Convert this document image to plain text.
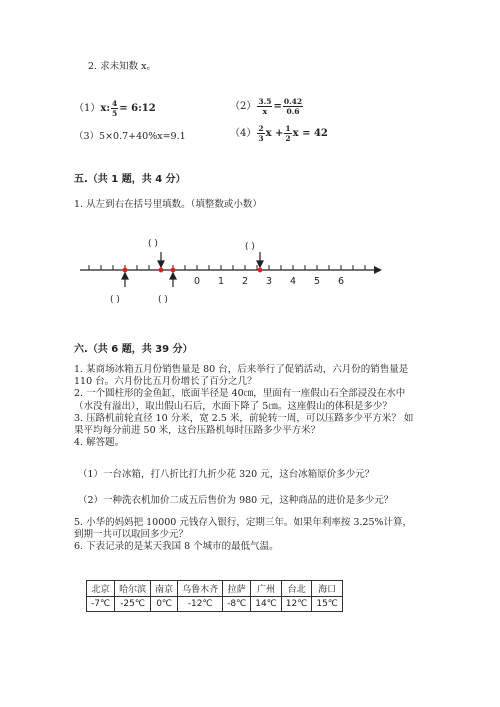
2. 求未知数 x。
（1）x: $\frac{4}{5}$ = 6:12	$(2) \frac{3.5}{x} = \frac{0.42}{0.6}$
（3）5×0.7+40%x=9.1	$(4) \frac{2}{3}$ $x + \frac{1}{2}$ x = 42
五.（共 1 题，共 4 分）
1. 从左到右在括号里填数。（填整数或小数）
( )	( )
0 1 2 3 4 5 6
( )	( )
六.（共 6 题，共 39 分）
1. 某商场冰箱五月份销售量是 80 台，后来举行了促销活动，六月份的销售量是
110 台。六月份比五月份增长了百分之几？
2. 一个圆柱形的金鱼缸，底面半径是 40㎝，里面有一座假山石全部浸没在水中
（水没有溢出），取出假山石后，水面下降了 5㎝。这座假山的体积是多少？
3. 压路机前轮直径 10 分米，宽 2.5 米，前轮转一周，可以压路多少平方米？ 如
果平均每分前进 50 米，这台压路机每时压路多少平方米？
4. 解答题。
（1）一台冰箱，打八折比打九折少花 320 元，这台冰箱原价多少元？
（2）一种洗衣机加价二成五后售价为 980 元，这种商品的进价是多少元？
5. 小华的妈妈把 10000 元钱存入银行，定期三年。如果年利率按 3.25%计算，
到期一共可以取回多少元？
6. 下表记录的是某天我国 8 个城市的最低气温。
北京	哈尔滨	南京	乌鲁木齐	拉萨	广州	台北	海口
-7℃	-25℃	0℃	-12℃	-8℃	14℃	12℃	15℃
